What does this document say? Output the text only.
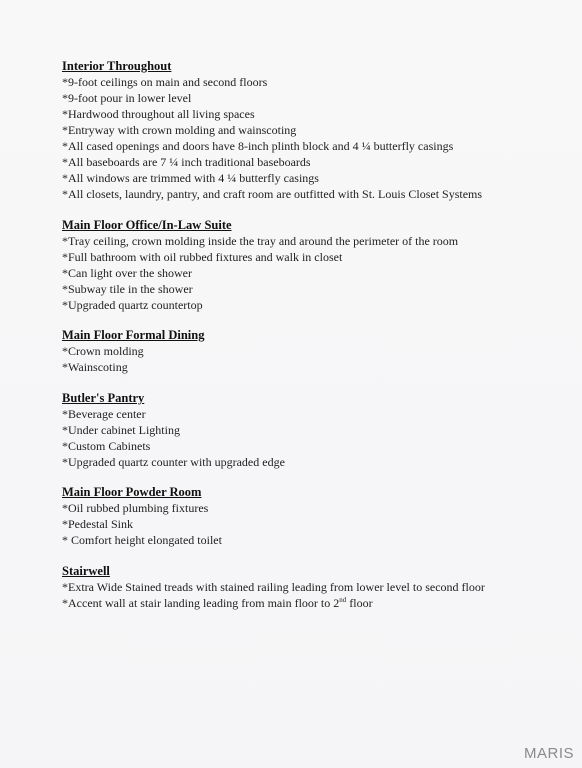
Interior Throughout

*9-foot ceilings on main and second floors
*9-foot pour in lower level
*Hardwood throughout all living spaces
*Entryway with crown molding and wainscoting
*All cased openings and doors have 8-inch plinth block and 4 ¼ butterfly casings
*All baseboards are 7 ¼ inch traditional baseboards
*All windows are trimmed with 4 ¼ butterfly casings
*All closets, laundry, pantry, and craft room are outfitted with St. Louis Closet Systems

Main Floor Office/In-Law Suite

*Tray ceiling, crown molding inside the tray and around the perimeter of the room
*Full bathroom with oil rubbed fixtures and walk in closet
*Can light over the shower
*Subway tile in the shower
*Upgraded quartz countertop

Main Floor Formal Dining

*Crown molding
*Wainscoting

Butler's Pantry

*Beverage center
*Under cabinet Lighting
*Custom Cabinets
*Upgraded quartz counter with upgraded edge

Main Floor Powder Room

*Oil rubbed plumbing fixtures
*Pedestal Sink
* Comfort height elongated toilet

Stairwell

*Extra Wide Stained treads with stained railing leading from lower level to second floor
*Accent wall at stair landing leading from main floor to 2nd floor
MARIS
